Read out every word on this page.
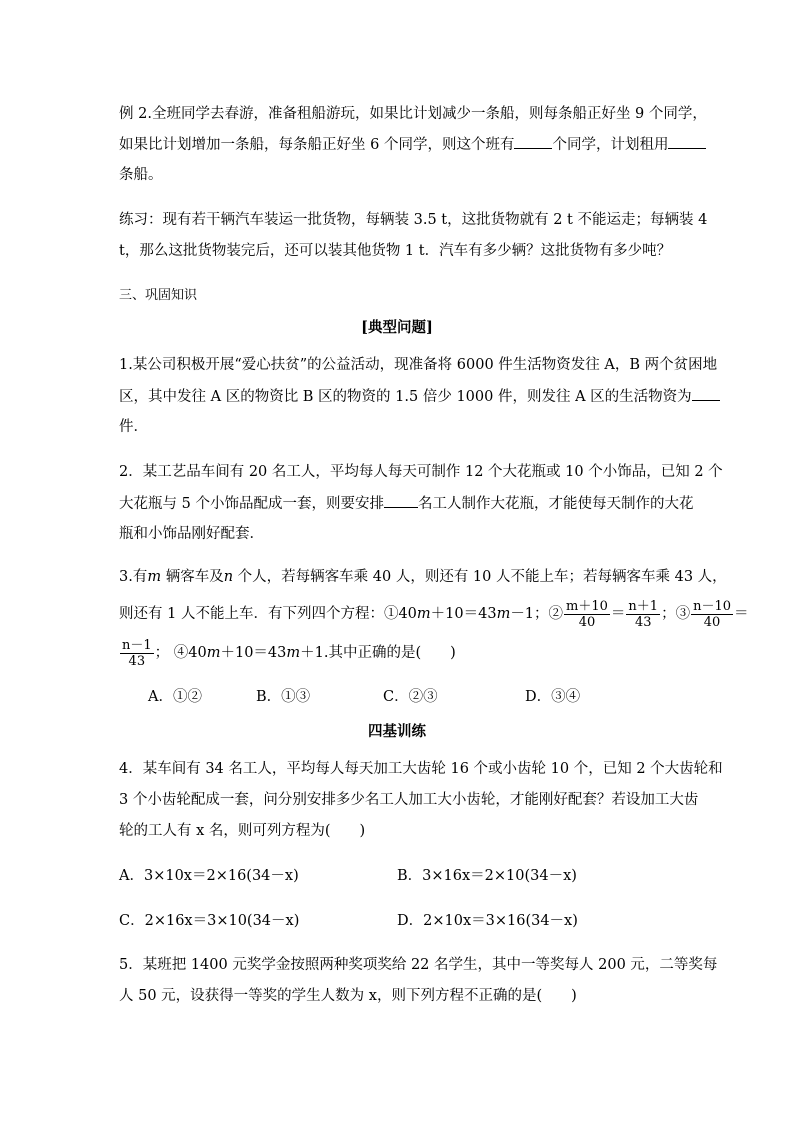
例 2.全班同学去春游，准备租船游玩，如果比计划减少一条船，则每条船正好坐 9 个同学，
如果比计划增加一条船，每条船正好坐 6 个同学，则这个班有	个同学，计划租用
条船。
练习：现有若干辆汽车装运一批货物，每辆装 3.5 t，这批货物就有 2 t 不能运走；每辆装 4
t，那么这批货物装完后，还可以装其他货物 1 t．汽车有多少辆？这批货物有多少吨？
三、巩固知识
[典型问题]
1.某公司积极开展“爱心扶贫”的公益活动，现准备将 6000 件生活物资发往 A，B 两个贫困地
区，其中发往 A 区的物资比 B 区的物资的 1.5 倍少 1000 件，则发往 A 区的生活物资为
件．
2．某工艺品车间有 20 名工人，平均每人每天可制作 12 个大花瓶或 10 个小饰品，已知 2 个
大花瓶与 5 个小饰品配成一套，则要安排 名工人制作大花瓶，才能使每天制作的大花
瓶和小饰品刚好配套．
3.有m 辆客车及n 个人，若每辆客车乘 40 人，则还有 10 人不能上车；若每辆客车乘 43 人，
则还有 1 人不能上车．有下列四个方程：①40m＋10＝43m－1；② $\frac{m+10}{40} = \frac{n+1}{43}$ ；③ $\frac{n-10}{40}$ ＝
$\frac{n-1}{43}$ ； ④40m＋10＝43m＋1.其中正确的是(　　)
A．①②	B．①③	C．②③	D．③④
四基训练
4．某车间有 34 名工人，平均每人每天加工大齿轮 16 个或小齿轮 10 个，已知 2 个大齿轮和
3 个小齿轮配成一套，问分别安排多少名工人加工大小齿轮，才能刚好配套？若设加工大齿
轮的工人有 x 名，则可列方程为(　　)
A．3×10x＝2×16(34－x)	B．3×16x＝2×10(34－x)
C．2×16x＝3×10(34－x)	D．2×10x＝3×16(34－x)
5．某班把 1400 元奖学金按照两种奖项奖给 22 名学生，其中一等奖每人 200 元，二等奖每
人 50 元，设获得一等奖的学生人数为 x，则下列方程不正确的是(　　)
